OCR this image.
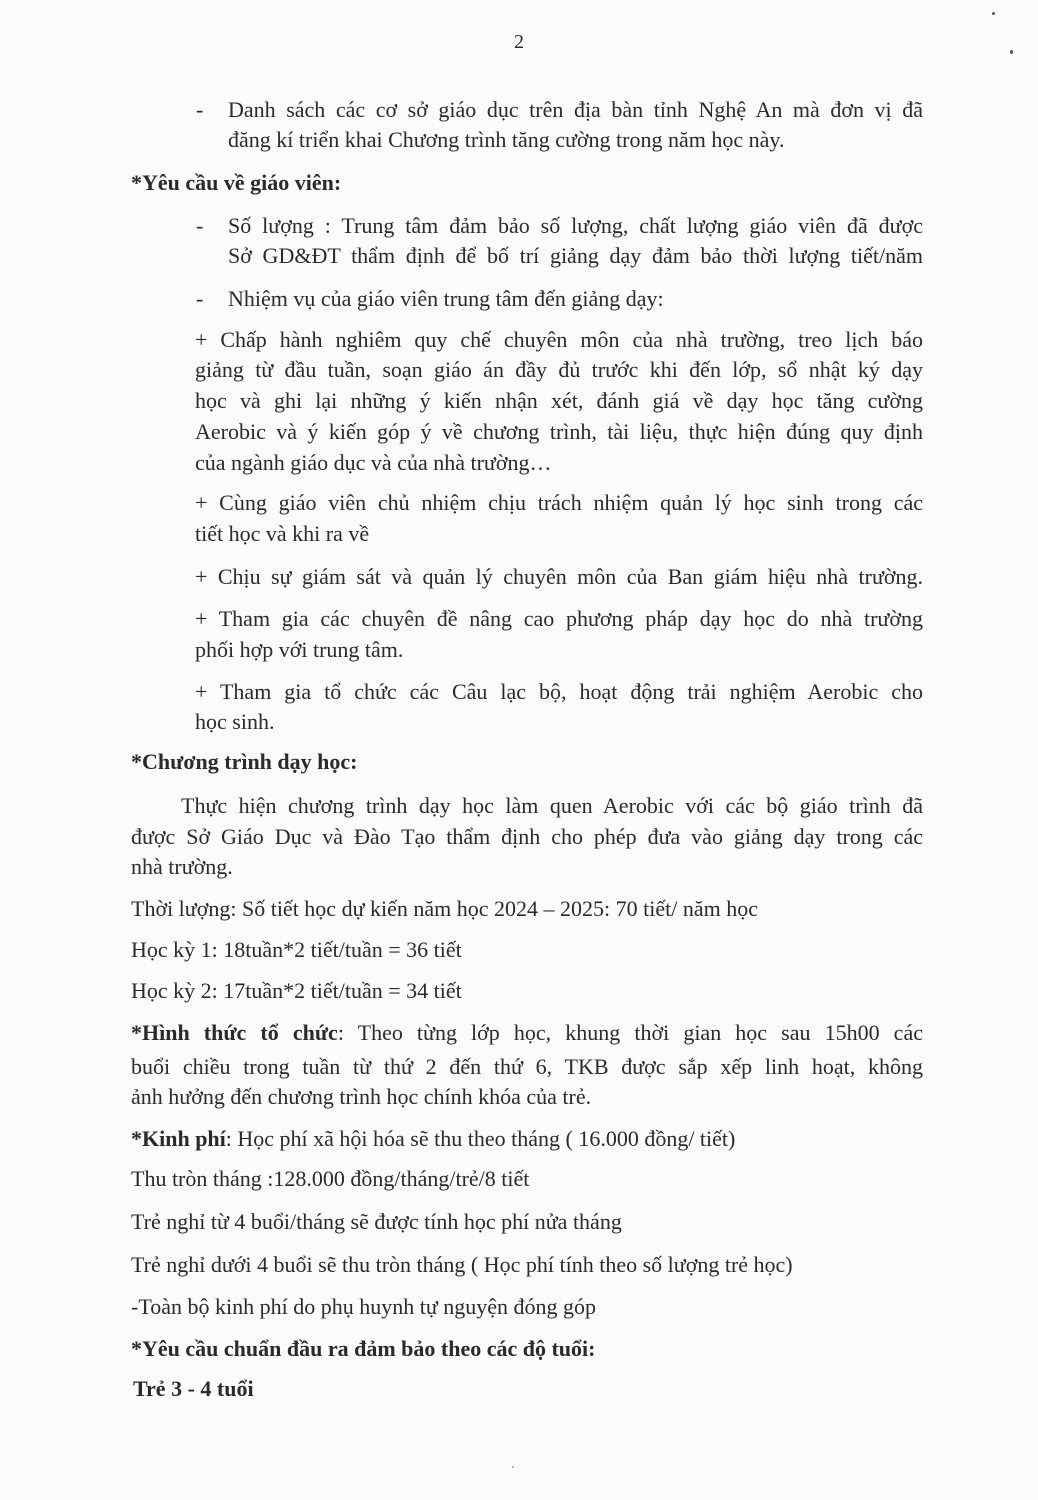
2
- Danh sách các cơ sở giáo dục trên địa bàn tỉnh Nghệ An mà đơn vị đã
đăng kí triển khai Chương trình tăng cường trong năm học này.
*Yêu cầu về giáo viên:
- Số lượng : Trung tâm đảm bảo số lượng, chất lượng giáo viên đã được
Sở GD&ĐT thẩm định để bố trí giảng dạy đảm bảo thời lượng tiết/năm
- Nhiệm vụ của giáo viên trung tâm đến giảng dạy:
+ Chấp hành nghiêm quy chế chuyên môn của nhà trường, treo lịch báo
giảng từ đầu tuần, soạn giáo án đầy đủ trước khi đến lớp, sổ nhật ký dạy
học và ghi lại những ý kiến nhận xét, đánh giá về dạy học tăng cường
Aerobic và ý kiến góp ý về chương trình, tài liệu, thực hiện đúng quy định
của ngành giáo dục và của nhà trường…
+ Cùng giáo viên chủ nhiệm chịu trách nhiệm quản lý học sinh trong các
tiết học và khi ra về
+ Chịu sự giám sát và quản lý chuyên môn của Ban giám hiệu nhà trường.
+ Tham gia các chuyên đề nâng cao phương pháp dạy học do nhà trường
phối hợp với trung tâm.
+ Tham gia tổ chức các Câu lạc bộ, hoạt động trải nghiệm Aerobic cho
học sinh.
*Chương trình dạy học:
Thực hiện chương trình dạy học làm quen Aerobic với các bộ giáo trình đã
được Sở Giáo Dục và Đào Tạo thẩm định cho phép đưa vào giảng dạy trong các
nhà trường.
Thời lượng: Số tiết học dự kiến năm học 2024 – 2025: 70 tiết/ năm học
Học kỳ 1: 18tuần*2 tiết/tuần = 36 tiết
Học kỳ 2: 17tuần*2 tiết/tuần = 34 tiết
*Hình thức tổ chức: Theo từng lớp học, khung thời gian học sau 15h00 các
buổi chiều trong tuần từ thứ 2 đến thứ 6, TKB được sắp xếp linh hoạt, không
ảnh hưởng đến chương trình học chính khóa của trẻ.
*Kinh phí: Học phí xã hội hóa sẽ thu theo tháng ( 16.000 đồng/ tiết)
Thu tròn tháng :128.000 đồng/tháng/trẻ/8 tiết
Trẻ nghỉ từ 4 buổi/tháng sẽ được tính học phí nửa tháng
Trẻ nghỉ dưới 4 buổi sẽ thu tròn tháng ( Học phí tính theo số lượng trẻ học)
-Toàn bộ kinh phí do phụ huynh tự nguyện đóng góp
*Yêu cầu chuẩn đầu ra đảm bảo theo các độ tuổi:
Trẻ 3 - 4 tuổi
